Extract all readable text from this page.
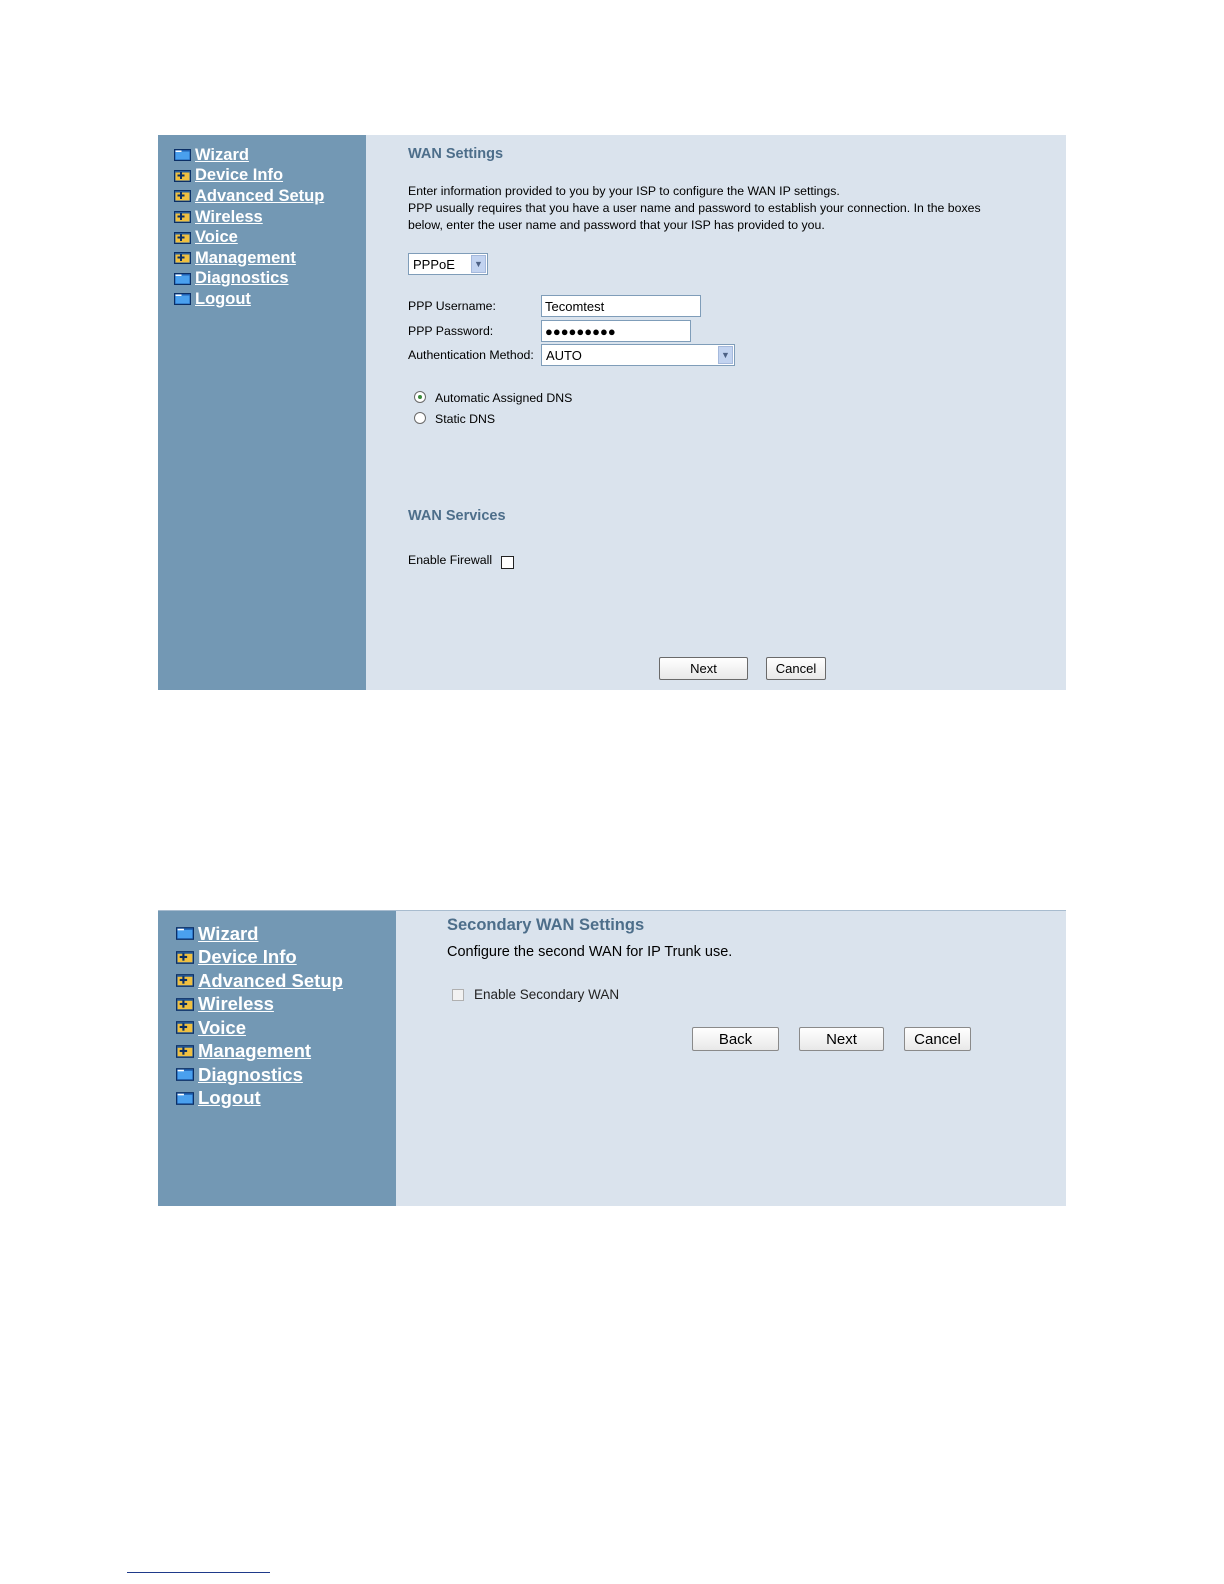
Wizard
Device Info
Advanced Setup
Wireless
Voice
Management
Diagnostics
Logout
WAN Settings
Enter information provided to you by your ISP to configure the WAN IP settings.
PPP usually requires that you have a user name and password to establish your connection. In the boxes
below, enter the user name and password that your ISP has provided to you.
PPPoE	▼
PPP Username:	Tecomtest
PPP Password:	●●●●●●●●●
Authentication Method: AUTO	▼
Automatic Assigned DNS
Static DNS
WAN Services
Enable Firewall
Next	Cancel
Wizard
Device Info
Advanced Setup
Wireless
Voice
Management
Diagnostics
Logout
Secondary WAN Settings
Configure the second WAN for IP Trunk use.
Enable Secondary WAN
Back	Next	Cancel
